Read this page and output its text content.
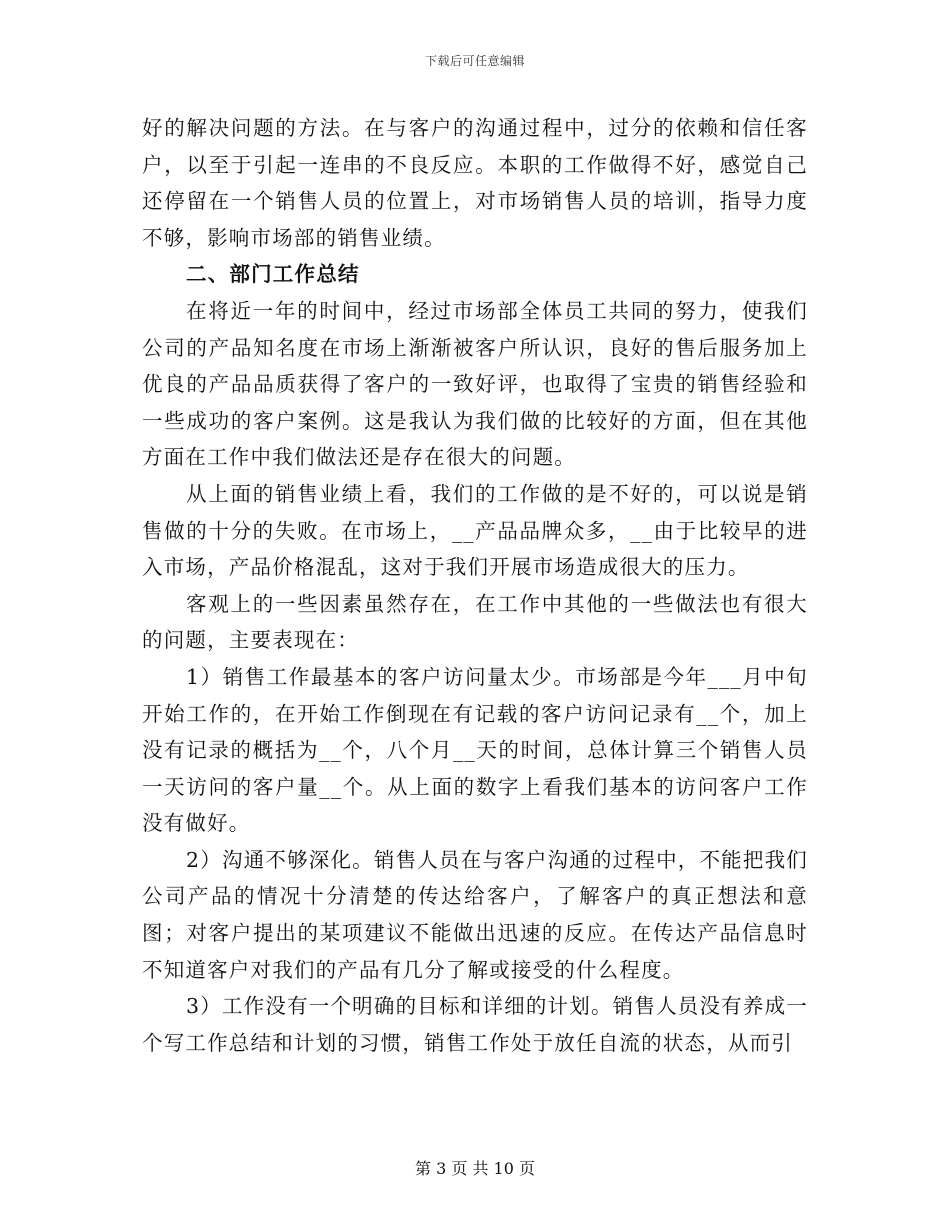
下载后可任意编辑

好的解决问题的方法。在与客户的沟通过程中，过分的依赖和信任客户，以至于引起一连串的不良反应。本职的工作做得不好，感觉自己还停留在一个销售人员的位置上，对市场销售人员的培训，指导力度不够，影响市场部的销售业绩。

二、部门工作总结

在将近一年的时间中，经过市场部全体员工共同的努力，使我们公司的产品知名度在市场上渐渐被客户所认识，良好的售后服务加上优良的产品品质获得了客户的一致好评，也取得了宝贵的销售经验和一些成功的客户案例。这是我认为我们做的比较好的方面，但在其他方面在工作中我们做法还是存在很大的问题。

从上面的销售业绩上看，我们的工作做的是不好的，可以说是销售做的十分的失败。在市场上，__产品品牌众多，__由于比较早的进入市场，产品价格混乱，这对于我们开展市场造成很大的压力。

客观上的一些因素虽然存在，在工作中其他的一些做法也有很大的问题，主要表现在：

1）销售工作最基本的客户访问量太少。市场部是今年___月中旬开始工作的，在开始工作倒现在有记载的客户访问记录有__个，加上没有记录的概括为__个，八个月__天的时间，总体计算三个销售人员一天访问的客户量__个。从上面的数字上看我们基本的访问客户工作没有做好。

2）沟通不够深化。销售人员在与客户沟通的过程中，不能把我们公司产品的情况十分清楚的传达给客户，了解客户的真正想法和意图；对客户提出的某项建议不能做出迅速的反应。在传达产品信息时不知道客户对我们的产品有几分了解或接受的什么程度。

3）工作没有一个明确的目标和详细的计划。销售人员没有养成一个写工作总结和计划的习惯，销售工作处于放任自流的状态，从而引

第 3 页 共 10 页
